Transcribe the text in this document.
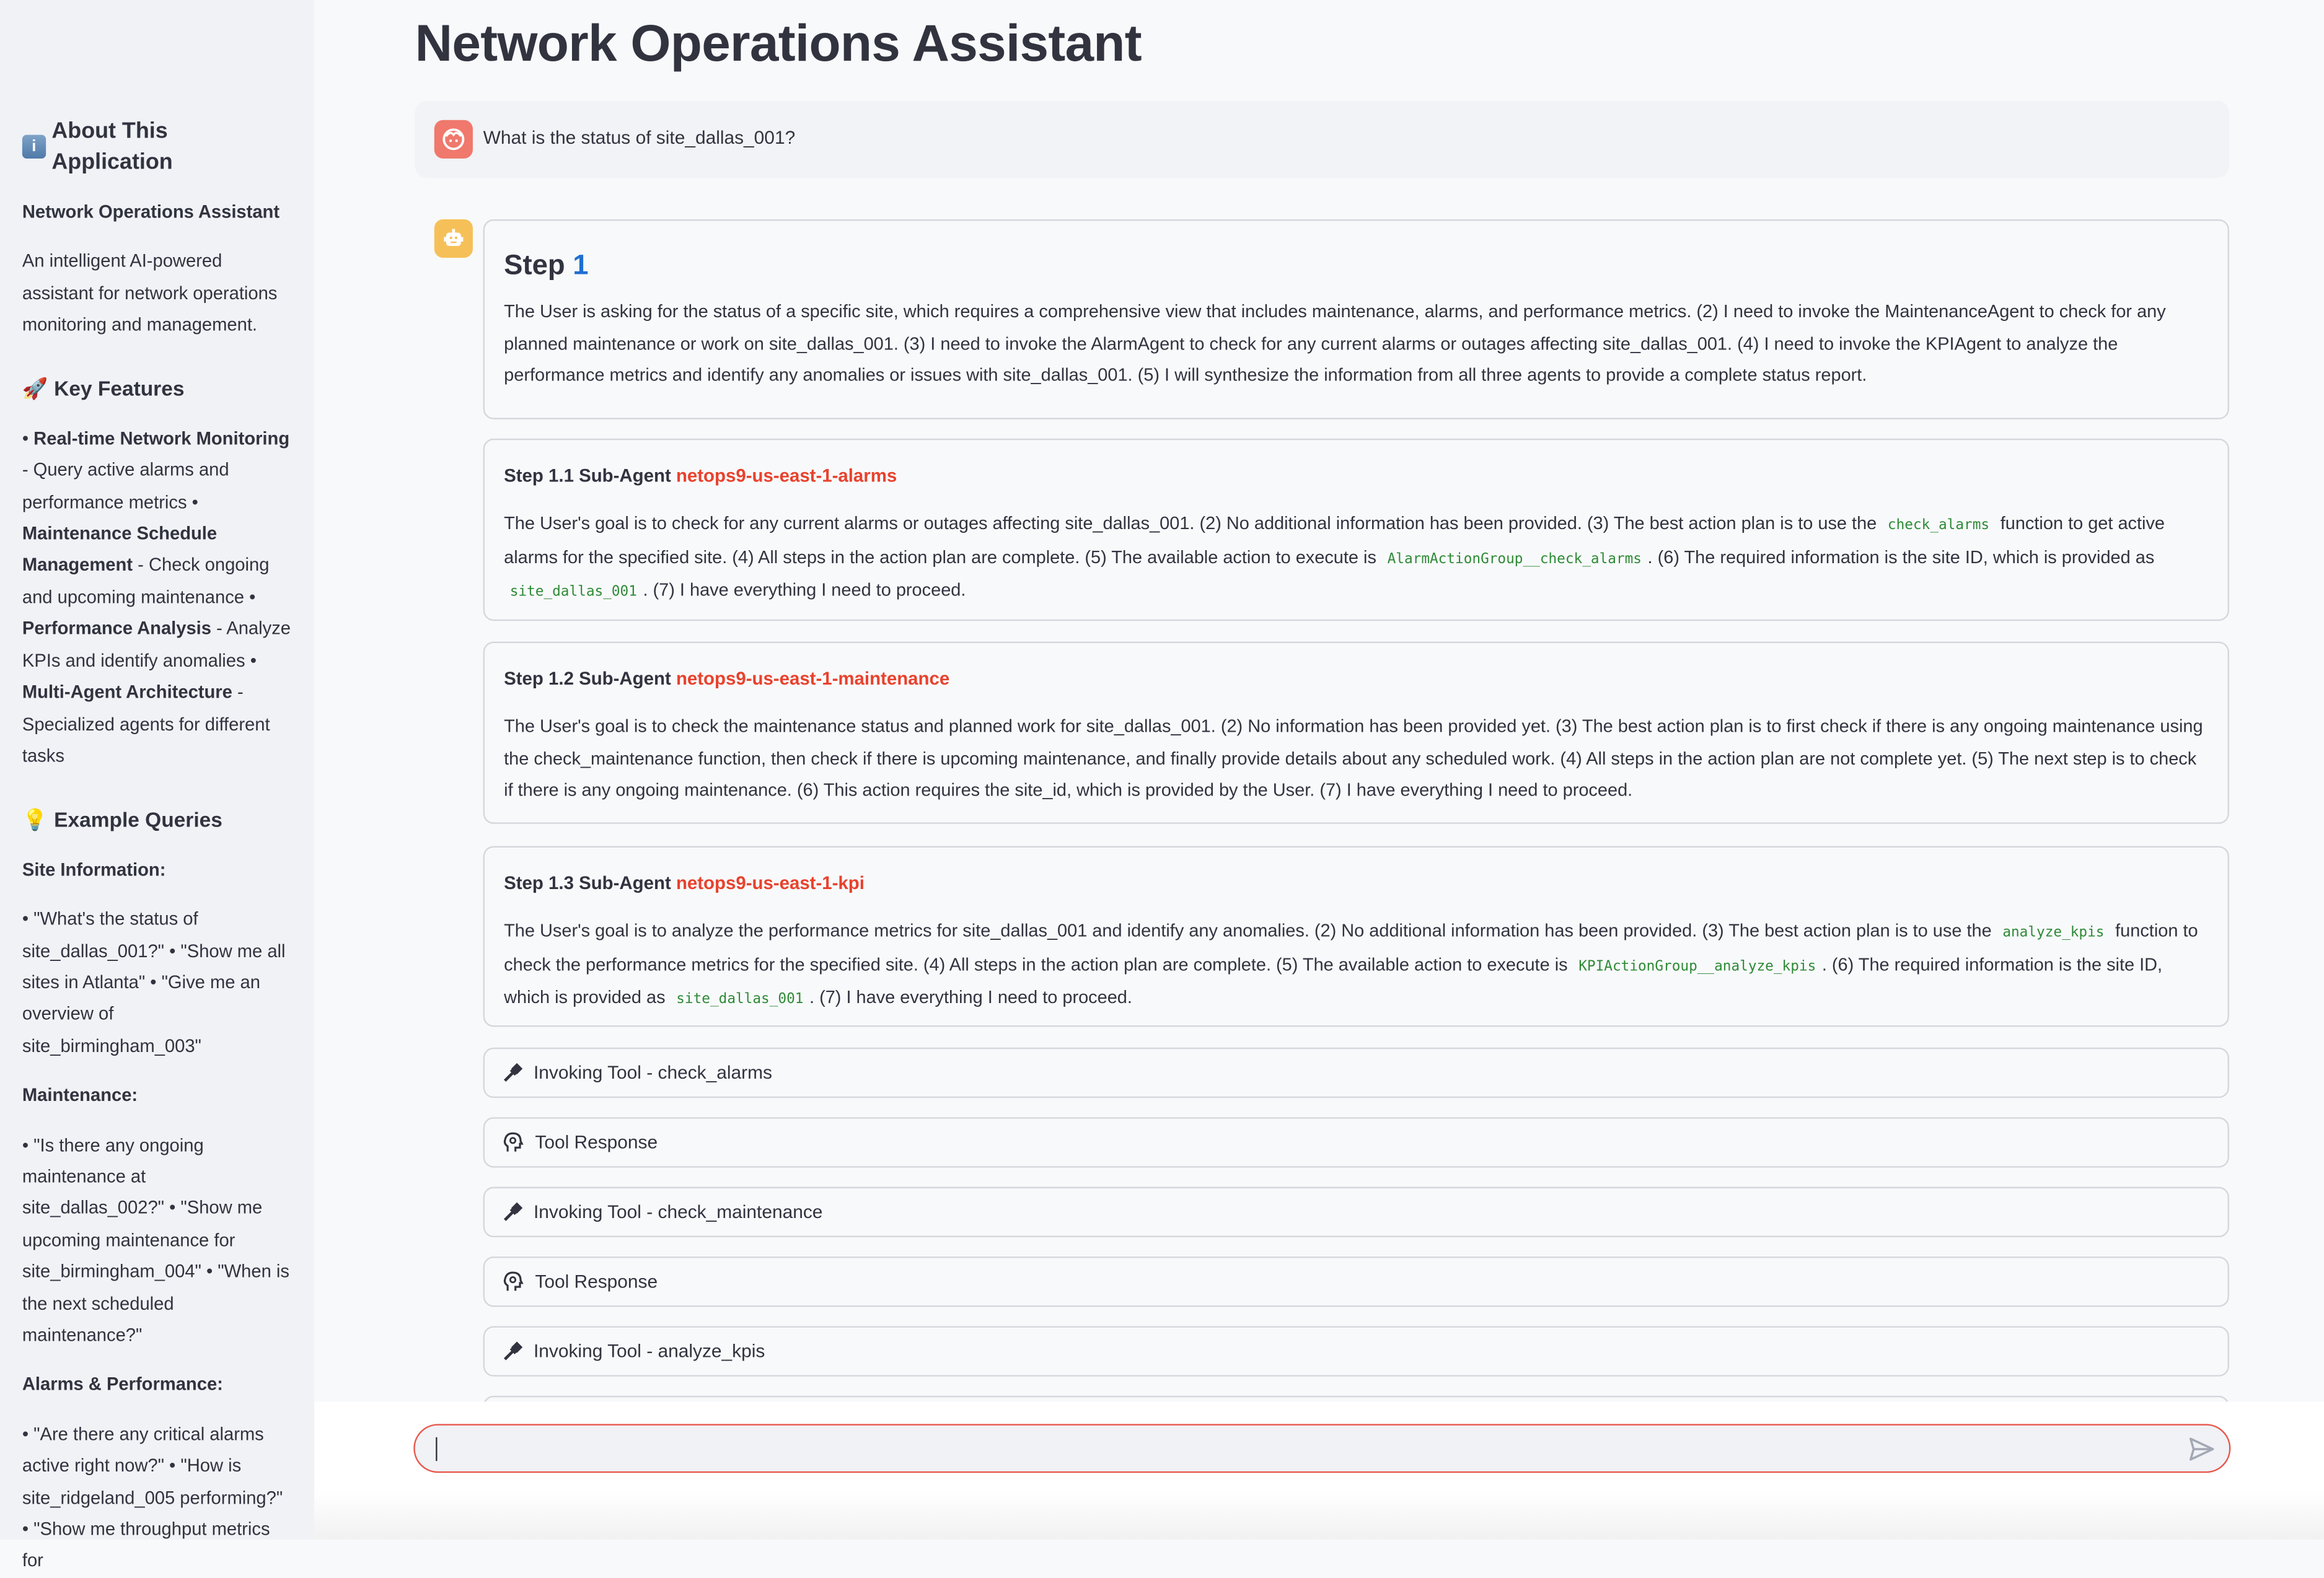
i
About This Application

Network Operations Assistant

An intelligent AI-powered assistant for network operations monitoring and management.

🚀 Key Features

• Real-time Network Monitoring - Query active alarms and performance metrics • Maintenance Schedule Management - Check ongoing and upcoming maintenance • Performance Analysis - Analyze KPIs and identify anomalies • Multi-Agent Architecture - Specialized agents for different tasks

💡 Example Queries

Site Information:

• "What's the status of site_dallas_001?" • "Show me all sites in Atlanta" • "Give me an overview of site_birmingham_003"

Maintenance:

• "Is there any ongoing maintenance at site_dallas_002?" • "Show me upcoming maintenance for site_birmingham_004" • "When is the next scheduled maintenance?"

Alarms & Performance:

• "Are there any critical alarms active right now?" • "How is site_ridgeland_005 performing?" • "Show me throughput metrics for

Network Operations Assistant
What is the status of site_dallas_001?
Step 1

The User is asking for the status of a specific site, which requires a comprehensive view that includes maintenance, alarms, and performance metrics. (2) I need to invoke the MaintenanceAgent to check for any planned maintenance or work on site_dallas_001. (3) I need to invoke the AlarmAgent to check for any current alarms or outages affecting site_dallas_001. (4) I need to invoke the KPIAgent to analyze the performance metrics and identify any anomalies or issues with site_dallas_001. (5) I will synthesize the information from all three agents to provide a complete status report.

Step 1.1 Sub-Agent netops9-us-east-1-alarms

The User's goal is to check for any current alarms or outages affecting site_dallas_001. (2) No additional information has been provided. (3) The best action plan is to use the check_alarms function to get active alarms for the specified site. (4) All steps in the action plan are complete. (5) The available action to execute is AlarmActionGroup__check_alarms . (6) The required information is the site ID, which is provided as site_dallas_001 . (7) I have everything I need to proceed.

Step 1.2 Sub-Agent netops9-us-east-1-maintenance

The User's goal is to check the maintenance status and planned work for site_dallas_001. (2) No information has been provided yet. (3) The best action plan is to first check if there is any ongoing maintenance using the check_maintenance function, then check if there is upcoming maintenance, and finally provide details about any scheduled work. (4) All steps in the action plan are not complete yet. (5) The next step is to check if there is any ongoing maintenance. (6) This action requires the site_id, which is provided by the User. (7) I have everything I need to proceed.

Step 1.3 Sub-Agent netops9-us-east-1-kpi

The User's goal is to analyze the performance metrics for site_dallas_001 and identify any anomalies. (2) No additional information has been provided. (3) The best action plan is to use the analyze_kpis function to check the performance metrics for the specified site. (4) All steps in the action plan are complete. (5) The available action to execute is KPIActionGroup__analyze_kpis . (6) The required information is the site ID, which is provided as site_dallas_001 . (7) I have everything I need to proceed.

Invoking Tool - check_alarms
Tool Response
Invoking Tool - check_maintenance
Tool Response
Invoking Tool - analyze_kpis
